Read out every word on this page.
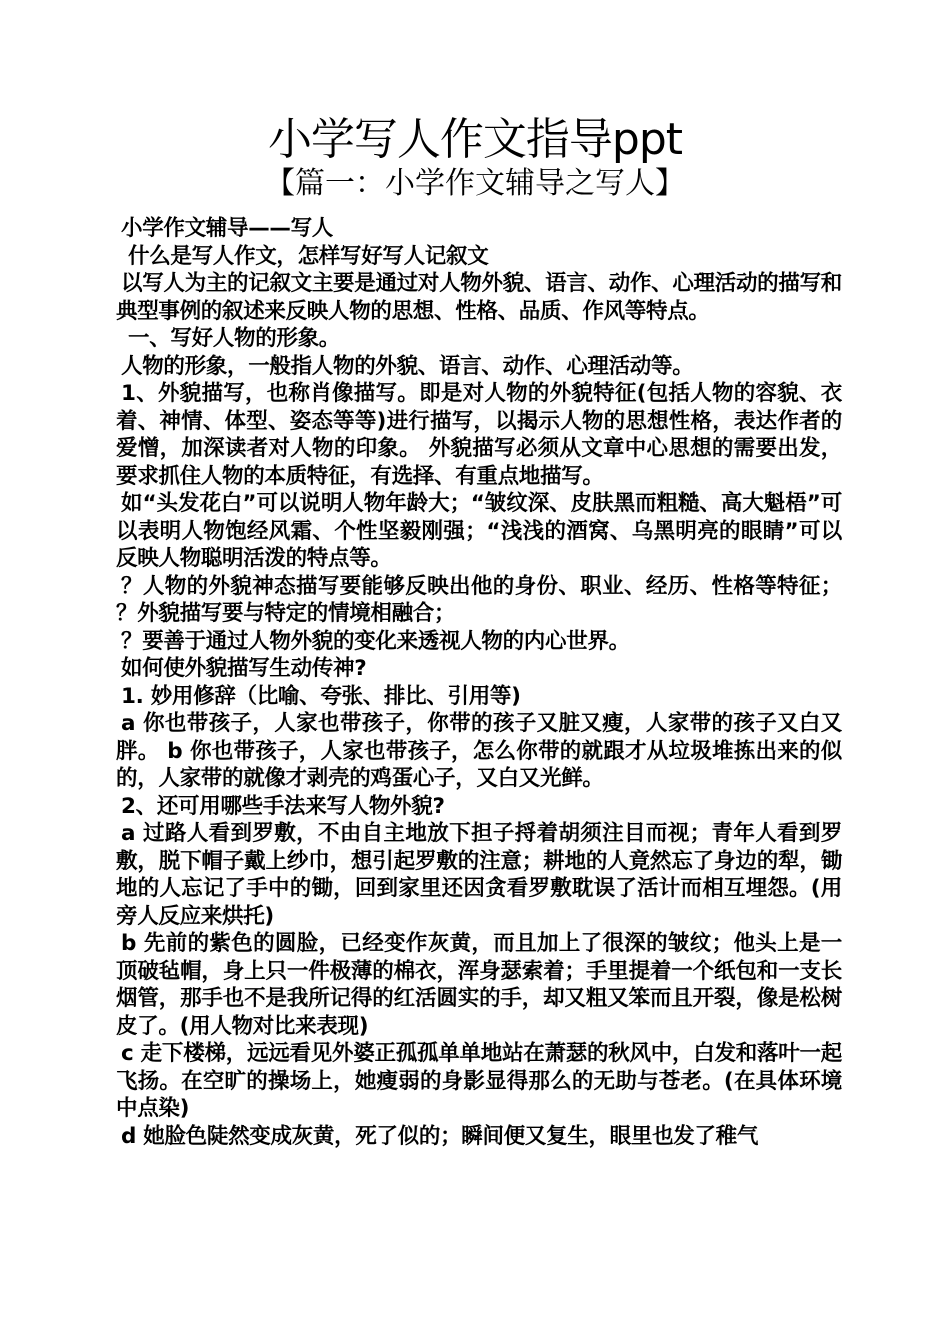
小学写人作文指导ppt
【篇一：小学作文辅导之写人】

小学作文辅导——写人

什么是写人作文，怎样写好写人记叙文

以写人为主的记叙文主要是通过对人物外貌、语言、动作、心理活动的描写和典型事例的叙述来反映人物的思想、性格、品质、作风等特点。

一、写好人物的形象。

人物的形象，一般指人物的外貌、语言、动作、心理活动等。

1、外貌描写，也称肖像描写。即是对人物的外貌特征(包括人物的容貌、衣着、神情、体型、姿态等等)进行描写，以揭示人物的思想性格，表达作者的爱憎，加深读者对人物的印象。 外貌描写必须从文章中心思想的需要出发，要求抓住人物的本质特征，有选择、有重点地描写。

如“头发花白”可以说明人物年龄大；“皱纹深、皮肤黑而粗糙、高大魁梧”可以表明人物饱经风霜、个性坚毅刚强；“浅浅的酒窝、乌黑明亮的眼睛”可以反映人物聪明活泼的特点等。

？人物的外貌神态描写要能够反映出他的身份、职业、经历、性格等特征； ？外貌描写要与特定的情境相融合；

？要善于通过人物外貌的变化来透视人物的内心世界。

如何使外貌描写生动传神?

1. 妙用修辞（比喻、夸张、排比、引用等)

a 你也带孩子，人家也带孩子，你带的孩子又脏又瘦，人家带的孩子又白又胖。 b 你也带孩子，人家也带孩子，怎么你带的就跟才从垃圾堆拣出来的似的，人家带的就像才剥壳的鸡蛋心子，又白又光鲜。

2、还可用哪些手法来写人物外貌?

a 过路人看到罗敷，不由自主地放下担子捋着胡须注目而视；青年人看到罗敷，脱下帽子戴上纱巾，想引起罗敷的注意；耕地的人竟然忘了身边的犁，锄地的人忘记了手中的锄，回到家里还因贪看罗敷耽误了活计而相互埋怨。(用旁人反应来烘托)

b 先前的紫色的圆脸，已经变作灰黄，而且加上了很深的皱纹；他头上是一顶破毡帽，身上只一件极薄的棉衣，浑身瑟索着；手里提着一个纸包和一支长烟管，那手也不是我所记得的红活圆实的手，却又粗又笨而且开裂，像是松树皮了。(用人物对比来表现)

c 走下楼梯，远远看见外婆正孤孤单单地站在萧瑟的秋风中，白发和落叶一起飞扬。在空旷的操场上，她瘦弱的身影显得那么的无助与苍老。(在具体环境中点染)

d 她脸色陡然变成灰黄，死了似的；瞬间便又复生，眼里也发了稚气
